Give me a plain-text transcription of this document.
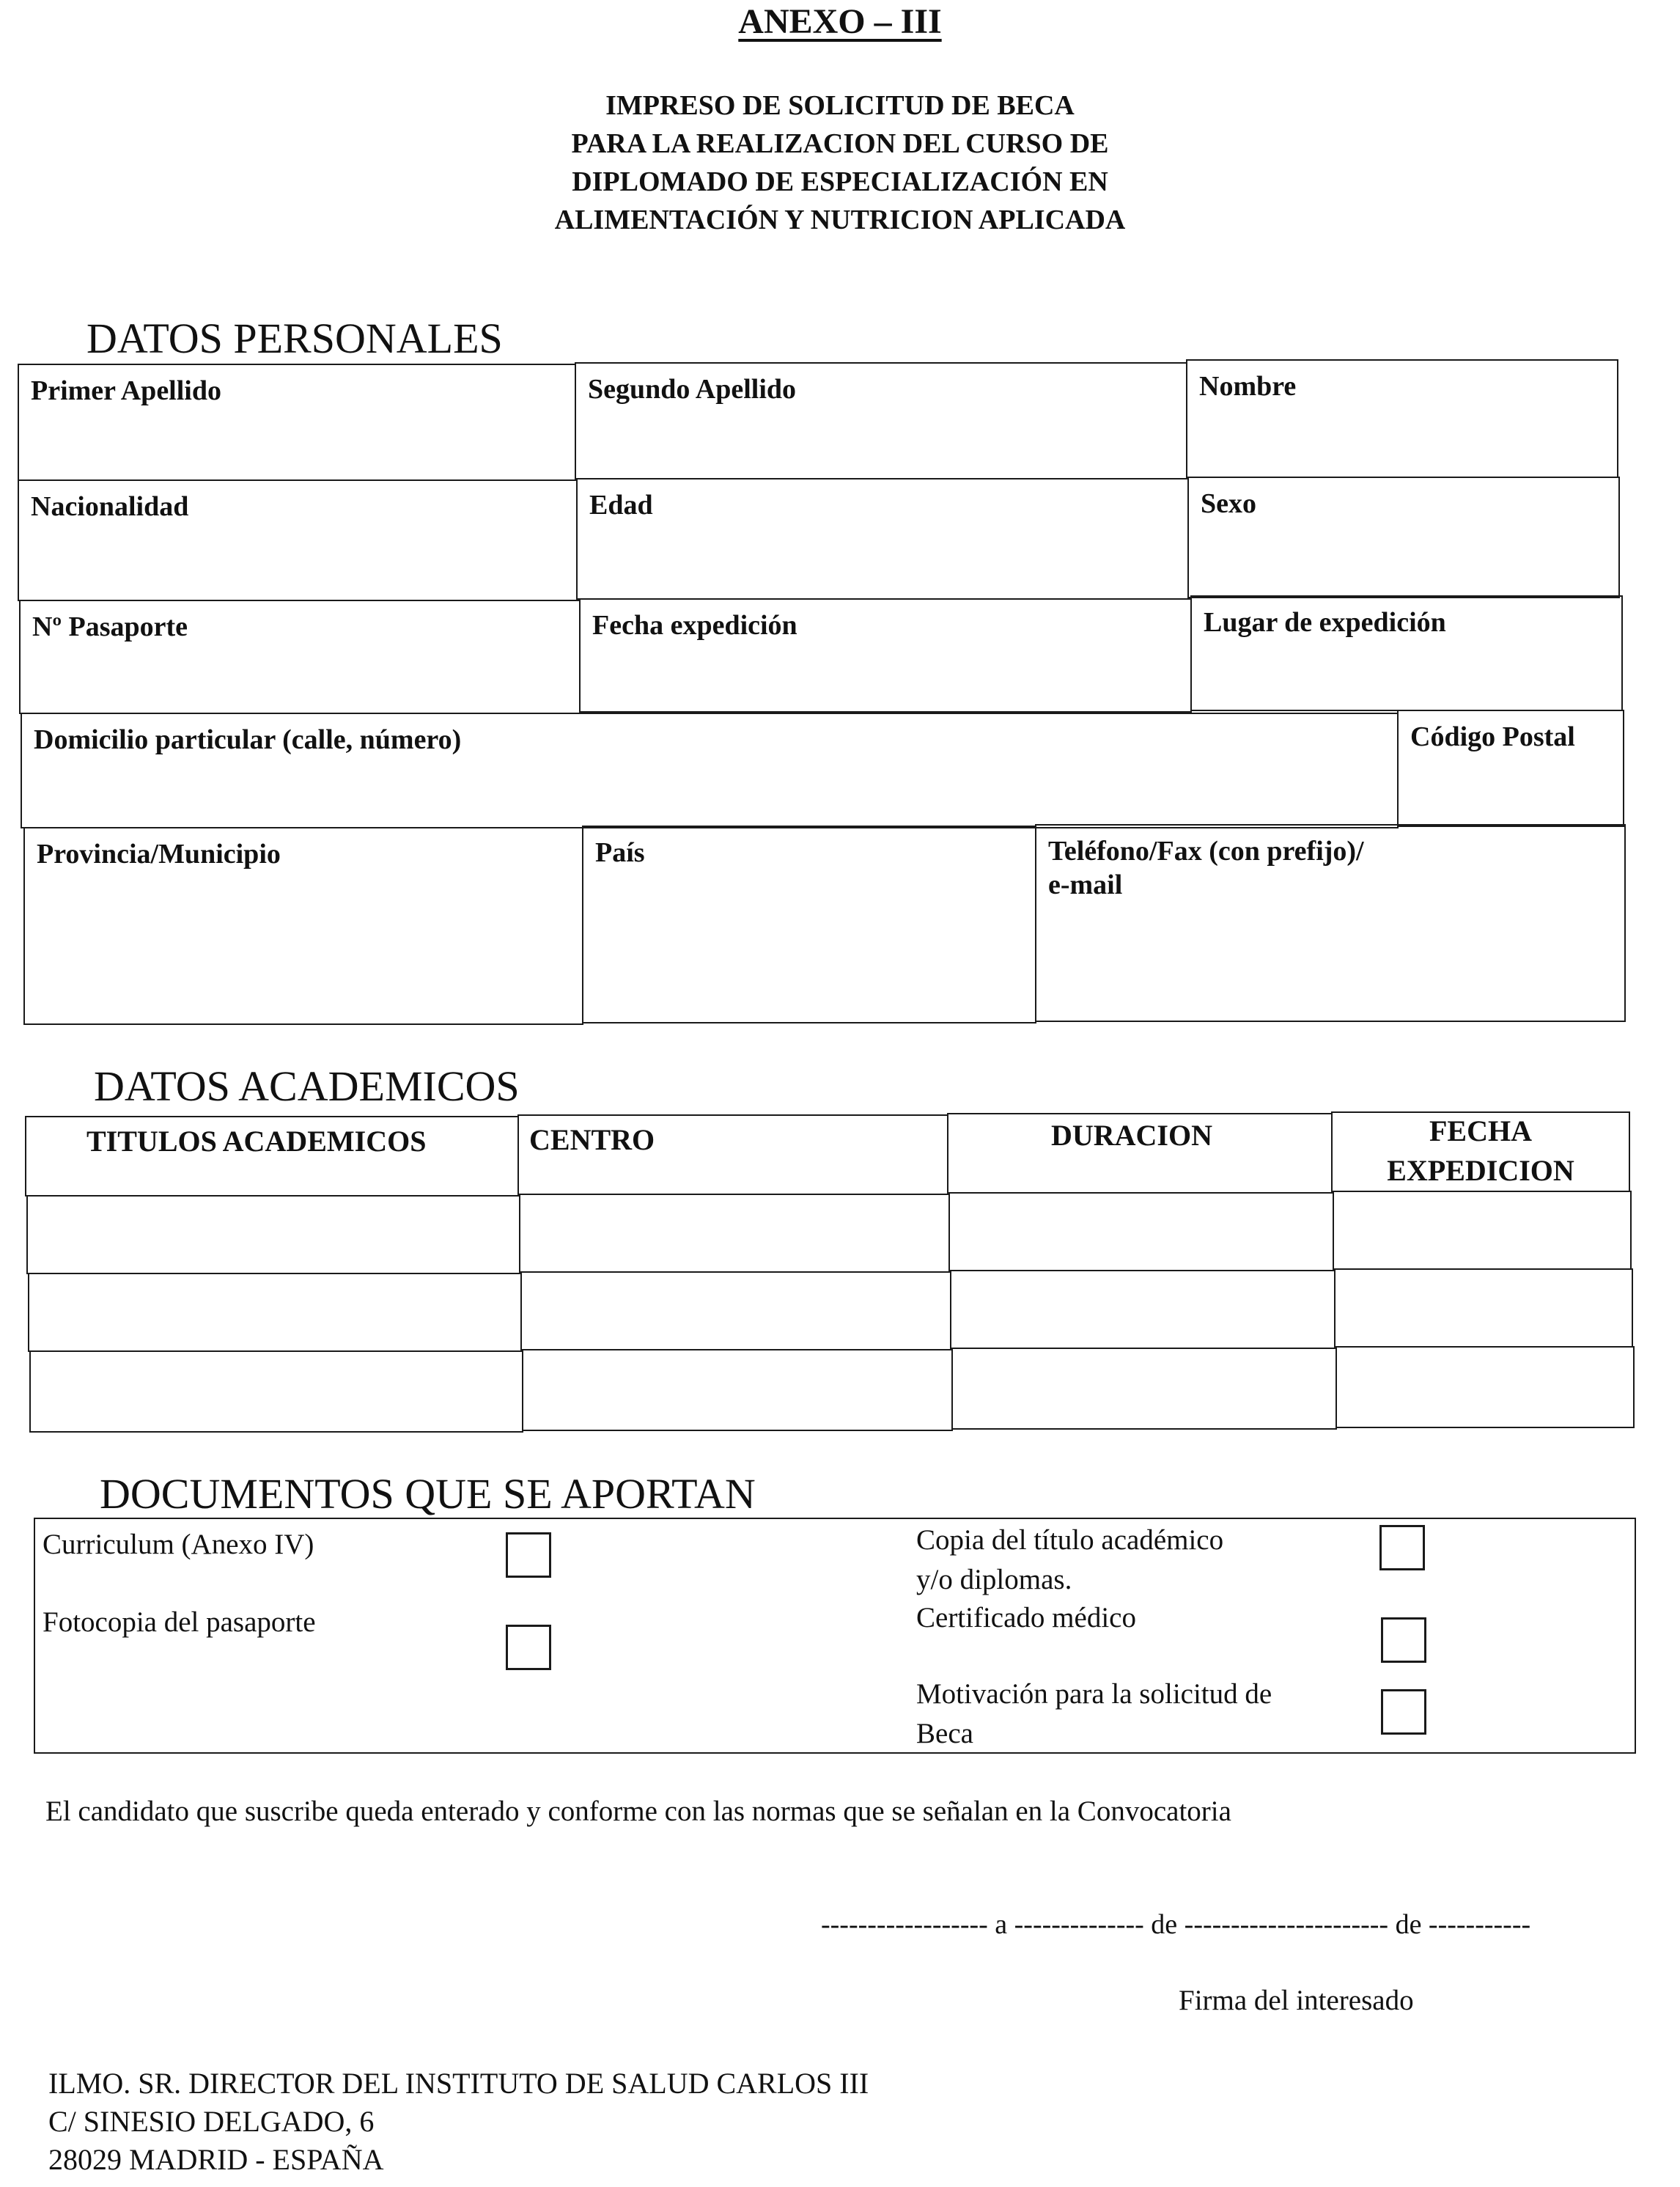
ANEXO – III
IMPRESO DE SOLICITUD DE BECA
PARA LA REALIZACION DEL CURSO DE
DIPLOMADO DE ESPECIALIZACIÓN EN
ALIMENTACIÓN Y NUTRICION APLICADA
DATOS PERSONALES
Primer Apellido	Segundo Apellido	Nombre
Nacionalidad	Edad	Sexo
Nº Pasaporte	Fecha expedición	Lugar de expedición
Domicilio particular (calle, número)	Código Postal
Provincia/Municipio	País	Teléfono/Fax (con prefijo)/
e-mail
DATOS ACADEMICOS
TITULOS ACADEMICOS	CENTRO	DURACION	FECHA
EXPEDICION
DOCUMENTOS QUE SE APORTAN
Curriculum (Anexo IV)
Fotocopia del pasaporte
Copia del título académico
y/o diplomas.
Certificado médico
Motivación para la solicitud de
Beca
El candidato que suscribe queda enterado y conforme con las normas que se señalan en la Convocatoria
------------------ a -------------- de ---------------------- de -----------
Firma del interesado
ILMO. SR. DIRECTOR DEL INSTITUTO DE SALUD CARLOS III
C/ SINESIO DELGADO, 6
28029 MADRID - ESPAÑA
